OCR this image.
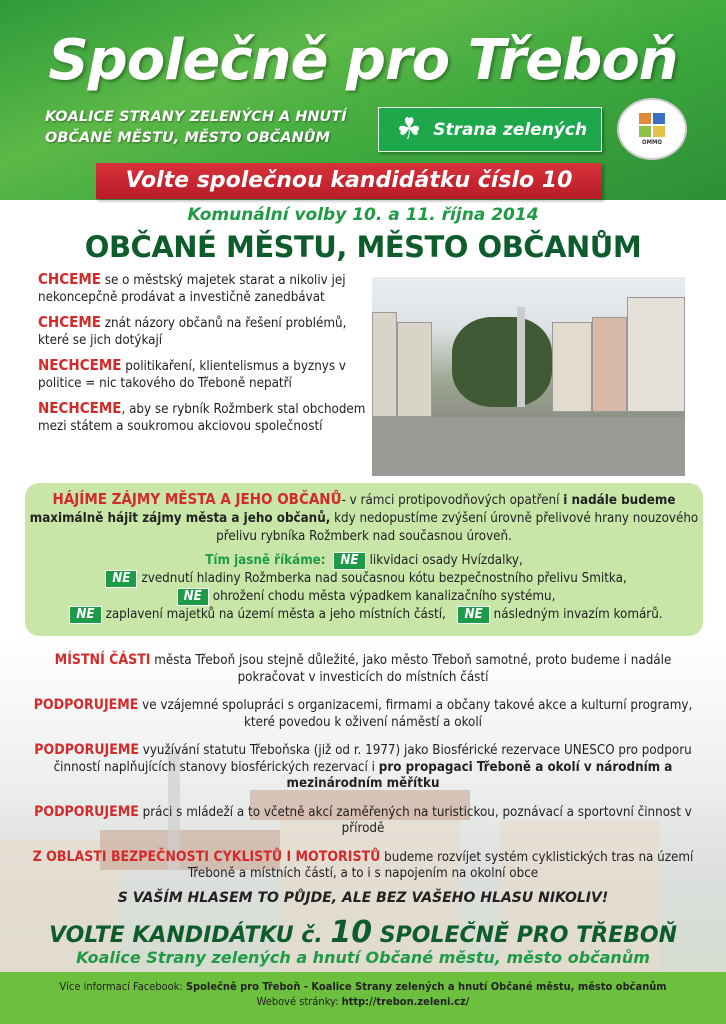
Společně pro Třeboň
KOALICE STRANY ZELENÝCH A HNUTÍ
OBČANÉ MĚSTU, MĚSTO OBČANŮM	☘ Strana zelených
OMMO
Volte společnou kandidátku číslo 10
Komunální volby 10. a 11. října 2014
OBČANÉ MĚSTU, MĚSTO OBČANŮM

CHCEME se o městský majetek starat a nikoliv jej nekoncepčně prodávat a investičně zanedbávat

CHCEME znát názory občanů na řešení problémů, které se jich dotýkají

NECHCEME politikaření, klientelismus a byznys v politice = nic takového do Třeboně nepatří

NECHCEME, aby se rybník Rožmberk stal obchodem mezi státem a soukromou akciovou společností

HÁJÍME ZÁJMY MĚSTA A JEHO OBČANŮ- v rámci protipovodňových opatření i nadále budeme maximálně hájit zájmy města a jeho občanů, kdy nedopustíme zvýšení úrovně přelivové hrany nouzového přelivu rybníka Rožmberk nad současnou úroveň.
Tím jasně říkáme: NE likvidaci osady Hvízdalky,
NE zvednutí hladiny Rožmberka nad současnou kótu bezpečnostního přelivu Smitka,
NE ohrožení chodu města výpadkem kanalizačního systému,
NE zaplavení majetků na území města a jeho místních částí, NE následným invazím komárů.

MÍSTNÍ ČÁSTI města Třeboň jsou stejně důležité, jako město Třeboň samotné, proto budeme i nadále pokračovat v investicích do místních částí

PODPORUJEME ve vzájemné spolupráci s organizacemi, firmami a občany takové akce a kulturní programy, které povedou k oživení náměstí a okolí

PODPORUJEME využívání statutu Třeboňska (již od r. 1977) jako Biosférické rezervace UNESCO pro podporu činností naplňujících stanovy biosférických rezervací i pro propagaci Třeboně a okolí v národním a mezinárodním měřítku

PODPORUJEME práci s mládeží a to včetně akcí zaměřených na turistickou, poznávací a sportovní činnost v přírodě

Z OBLASTI BEZPEČNOSTI CYKLISTŮ I MOTORISTŮ budeme rozvíjet systém cyklistických tras na území Třeboně a místních částí, a to i s napojením na okolní obce

S VAŠÍM HLASEM TO PŮJDE, ALE BEZ VAŠEHO HLASU NIKOLIV!
VOLTE KANDIDÁTKU č. 10 SPOLEČNĚ PRO TŘEBOŇ
Koalice Strany zelených a hnutí Občané městu, město občanům
Více informací Facebook: Společně pro Třeboň - Koalice Strany zelených a hnutí Občané městu, město občanům
Webové stránky: http://trebon.zeleni.cz/
